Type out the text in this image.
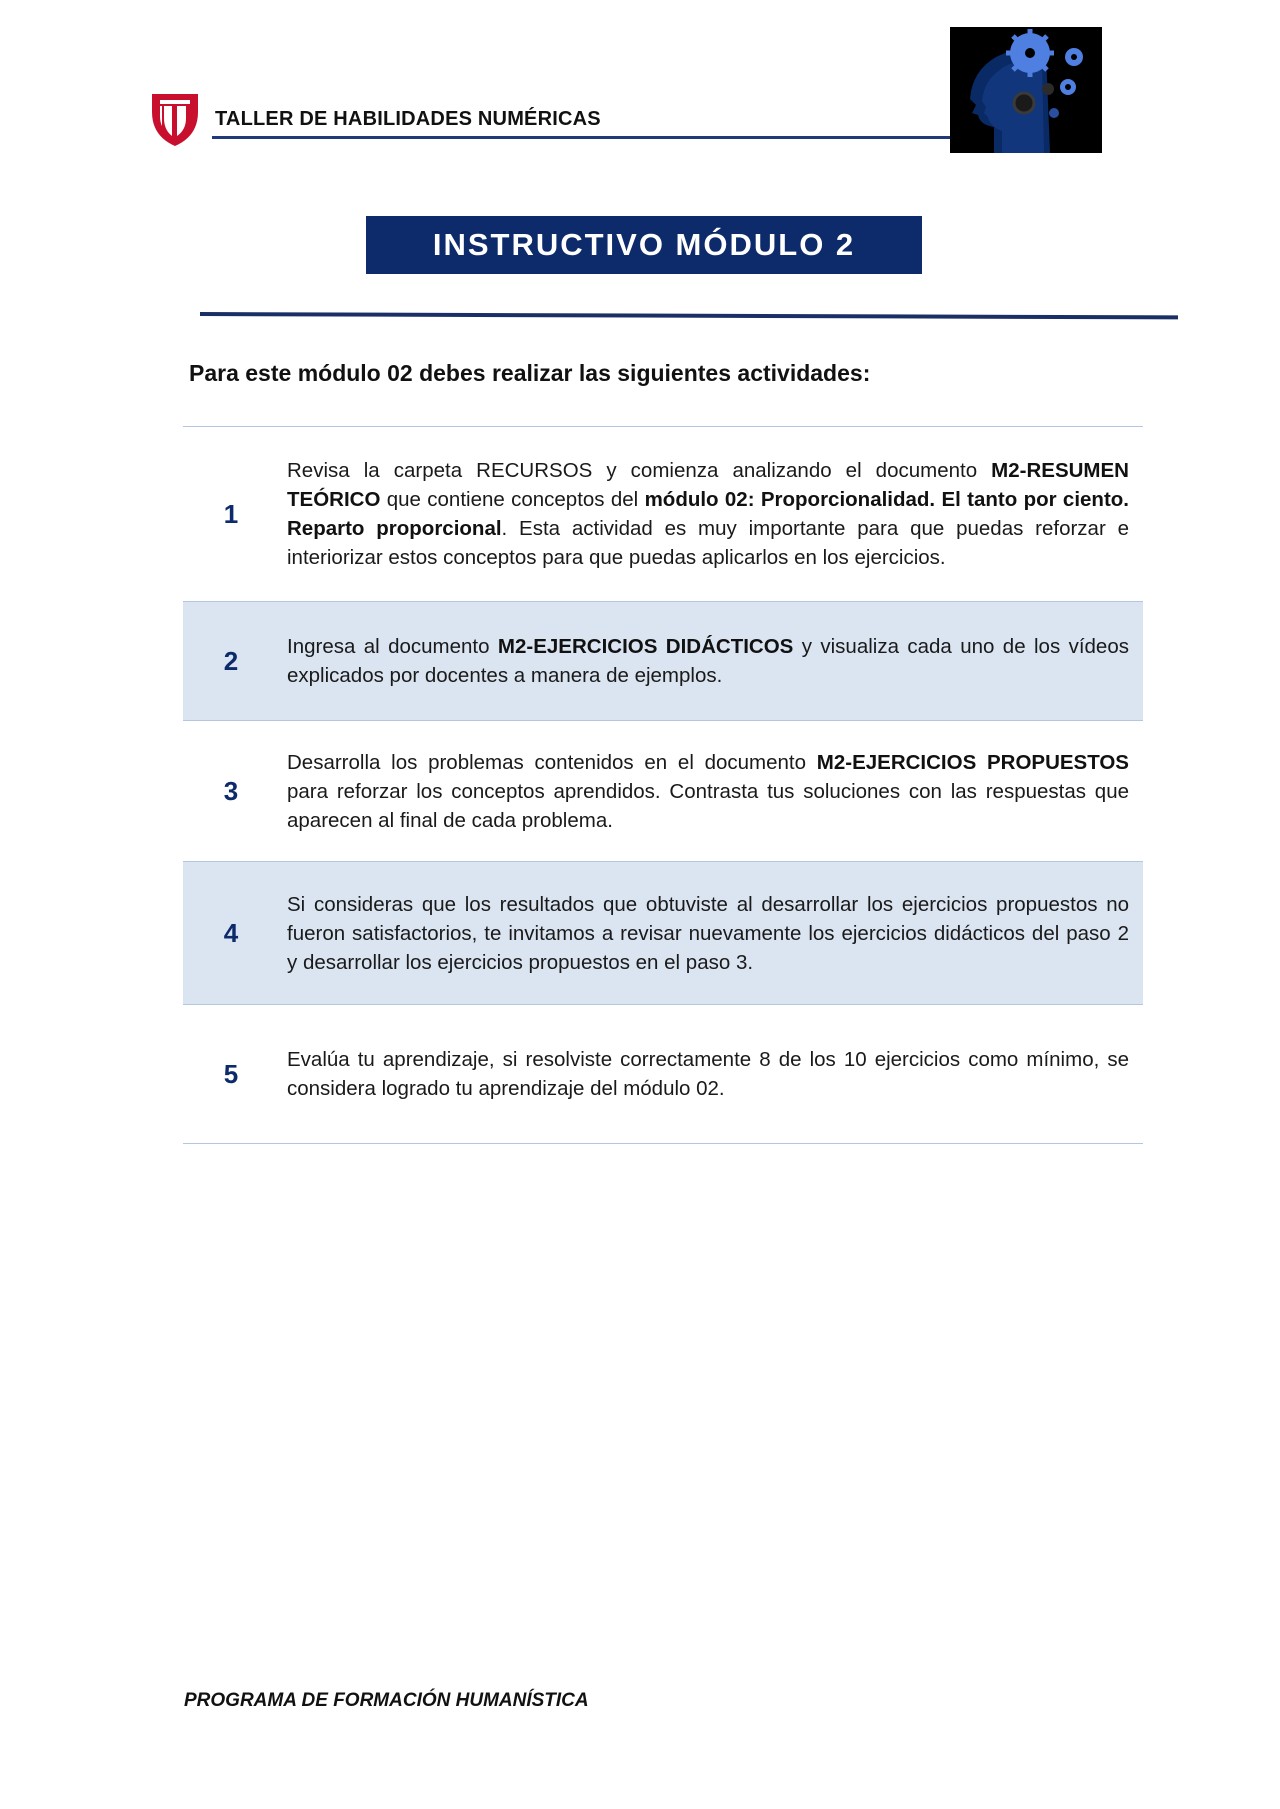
TALLER DE HABILIDADES NUMÉRICAS
INSTRUCTIVO MÓDULO 2
Para este módulo 02 debes realizar las siguientes actividades:
1
Revisa la carpeta RECURSOS y comienza analizando el documento M2-RESUMEN TEÓRICO que contiene conceptos del módulo 02: Proporcionalidad. El tanto por ciento. Reparto proporcional. Esta actividad es muy importante para que puedas reforzar e interiorizar estos conceptos para que puedas aplicarlos en los ejercicios.
2	Ingresa al documento M2-EJERCICIOS DIDÁCTICOS y visualiza cada uno de los vídeos explicados por docentes a manera de ejemplos.
3
Desarrolla los problemas contenidos en el documento M2-EJERCICIOS PROPUESTOS para reforzar los conceptos aprendidos. Contrasta tus soluciones con las respuestas que aparecen al final de cada problema.
4
Si consideras que los resultados que obtuviste al desarrollar los ejercicios propuestos no fueron satisfactorios, te invitamos a revisar nuevamente los ejercicios didácticos del paso 2 y desarrollar los ejercicios propuestos en el paso 3.
5	Evalúa tu aprendizaje, si resolviste correctamente 8 de los 10 ejercicios como mínimo, se considera logrado tu aprendizaje del módulo 02.
PROGRAMA DE FORMACIÓN HUMANÍSTICA
